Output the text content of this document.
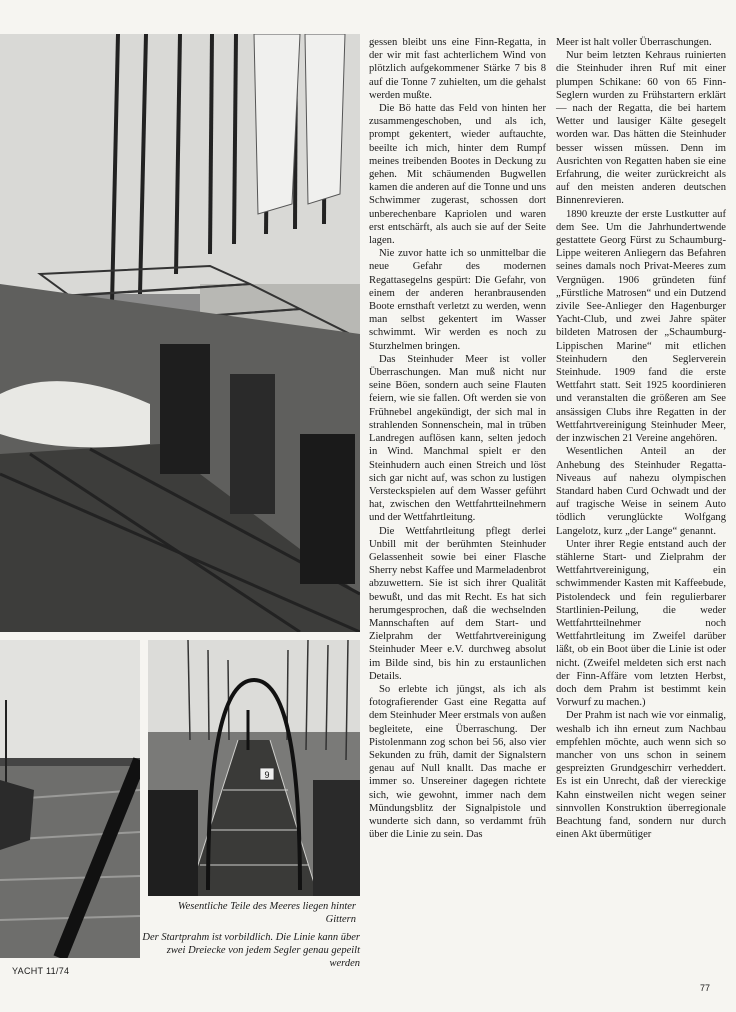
9

Wesentliche Teile des Meeres liegen hinter Gittern

Der Startprahm ist vorbildlich. Die Linie kann über zwei Dreiecke von jedem Segler genau gepeilt werden

gessen bleibt uns eine Finn-Regatta, in der wir mit fast achterlichem Wind von plötzlich aufgekommener Stärke 7 bis 8 auf die Tonne 7 zuhielten, um die gehalst werden mußte.

Die Bö hatte das Feld von hinten her zusammengeschoben, und als ich, prompt gekentert, wieder auftauchte, beeilte ich mich, hinter dem Rumpf meines treibenden Bootes in Deckung zu gehen. Mit schäumenden Bugwellen kamen die anderen auf die Tonne und uns Schwimmer zugerast, schossen dort unberechenbare Kapriolen und waren erst entschärft, als auch sie auf der Seite lagen.

Nie zuvor hatte ich so unmittelbar die neue Gefahr des modernen Regattasegelns gespürt: Die Gefahr, von einem der anderen heranbrausenden Boote ernsthaft verletzt zu werden, wenn man selbst gekentert im Wasser schwimmt. Wir werden es noch zu Sturzhelmen bringen.

Das Steinhuder Meer ist voller Überraschungen. Man muß nicht nur seine Böen, sondern auch seine Flauten feiern, wie sie fallen. Oft werden sie von Frühnebel angekündigt, der sich mal in strahlenden Sonnenschein, mal in trüben Landregen auflösen kann, selten jedoch in Wind. Manchmal spielt er den Steinhudern auch einen Streich und löst sich gar nicht auf, was schon zu lustigen Versteckspielen auf dem Wasser geführt hat, zwischen den Wettfahrtteilnehmern und der Wettfahrtleitung.

Die Wettfahrtleitung pflegt derlei Unbill mit der berühmten Steinhuder Gelassenheit sowie bei einer Flasche Sherry nebst Kaffee und Marmeladenbrot abzuwettern. Sie ist sich ihrer Qualität bewußt, und das mit Recht. Es hat sich herumgesprochen, daß die wechselnden Mannschaften auf dem Start- und Zielprahm der Wettfahrtvereinigung Steinhuder Meer e.V. durchweg absolut im Bilde sind, bis hin zu erstaunlichen Details.

So erlebte ich jüngst, als ich als fotografierender Gast eine Regatta auf dem Steinhuder Meer erstmals von außen begleitete, eine Überraschung. Der Pistolenmann zog schon bei 56, also vier Sekunden zu früh, damit der Signalstern genau auf Null knallt. Das mache er immer so. Unsereiner dagegen richtete sich, wie gewohnt, immer nach dem Mündungsblitz der Signalpistole und wunderte sich dann, so verdammt früh über die Linie zu sein. Das

Meer ist halt voller Überraschungen.

Nur beim letzten Kehraus ruinierten die Steinhuder ihren Ruf mit einer plumpen Schikane: 60 von 65 Finn-Seglern wurden zu Frühstartern erklärt — nach der Regatta, die bei hartem Wetter und lausiger Kälte gesegelt worden war. Das hätten die Steinhuder besser wissen müssen. Denn im Ausrichten von Regatten haben sie eine Erfahrung, die weiter zurückreicht als auf den meisten anderen deutschen Binnenrevieren.

1890 kreuzte der erste Lustkutter auf dem See. Um die Jahrhundertwende gestattete Georg Fürst zu Schaumburg-Lippe weiteren Anliegern das Befahren seines damals noch Privat-Meeres zum Vergnügen. 1906 gründeten fünf „Fürstliche Matrosen“ und ein Dutzend zivile See-Anlieger den Hagenburger Yacht-Club, und zwei Jahre später bildeten Matrosen der „Schaumburg-Lippischen Marine“ mit etlichen Steinhudern den Seglerverein Steinhude. 1909 fand die erste Wettfahrt statt. Seit 1925 koordinieren und veranstalten die größeren am See ansässigen Clubs ihre Regatten in der Wettfahrtvereinigung Steinhuder Meer, der inzwischen 21 Vereine angehören.

Wesentlichen Anteil an der Anhebung des Steinhuder Regatta-Niveaus auf nahezu olympischen Standard haben Curd Ochwadt und der auf tragische Weise in seinem Auto tödlich verunglückte Wolfgang Langelotz, kurz „der Lange“ genannt.

Unter ihrer Regie entstand auch der stählerne Start- und Zielprahm der Wettfahrtvereinigung, ein schwimmender Kasten mit Kaffeebude, Pistolendeck und fein regulierbarer Startlinien-Peilung, die weder Wettfahrtteilnehmer noch Wettfahrtleitung im Zweifel darüber läßt, ob ein Boot über die Linie ist oder nicht. (Zweifel meldeten sich erst nach der Finn-Affäre vom letzten Herbst, doch dem Prahm ist bestimmt kein Vorwurf zu machen.)

Der Prahm ist nach wie vor einmalig, weshalb ich ihn erneut zum Nachbau empfehlen möchte, auch wenn sich so mancher von uns schon in seinem gespreizten Grundgeschirr verheddert. Es ist ein Unrecht, daß der viereckige Kahn einstweilen nicht wegen seiner sinnvollen Konstruktion überregionale Beachtung fand, sondern nur durch einen Akt übermütiger

YACHT 11/74
77
